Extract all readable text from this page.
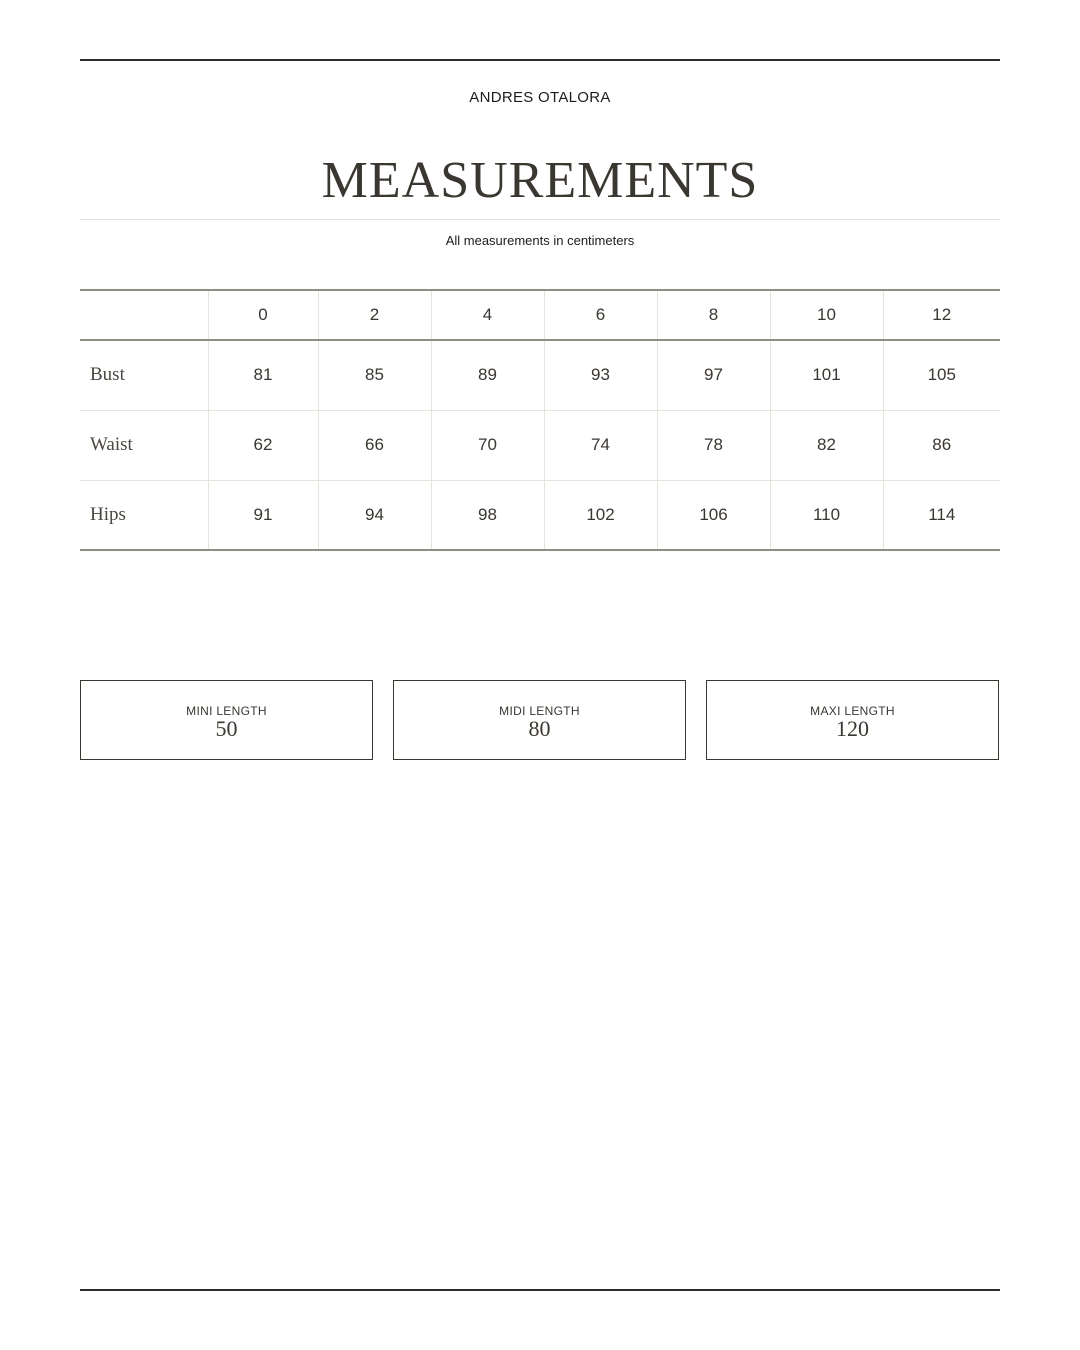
ANDRES OTALORA
MEASUREMENTS
All measurements in centimeters
	0	2	4	6	8	10	12
Bust	81	85	89	93	97	101	105
Waist	62	66	70	74	78	82	86
Hips	91	94	98	102	106	110	114
MINI LENGTH
50
MIDI LENGTH
80
MAXI LENGTH
120
